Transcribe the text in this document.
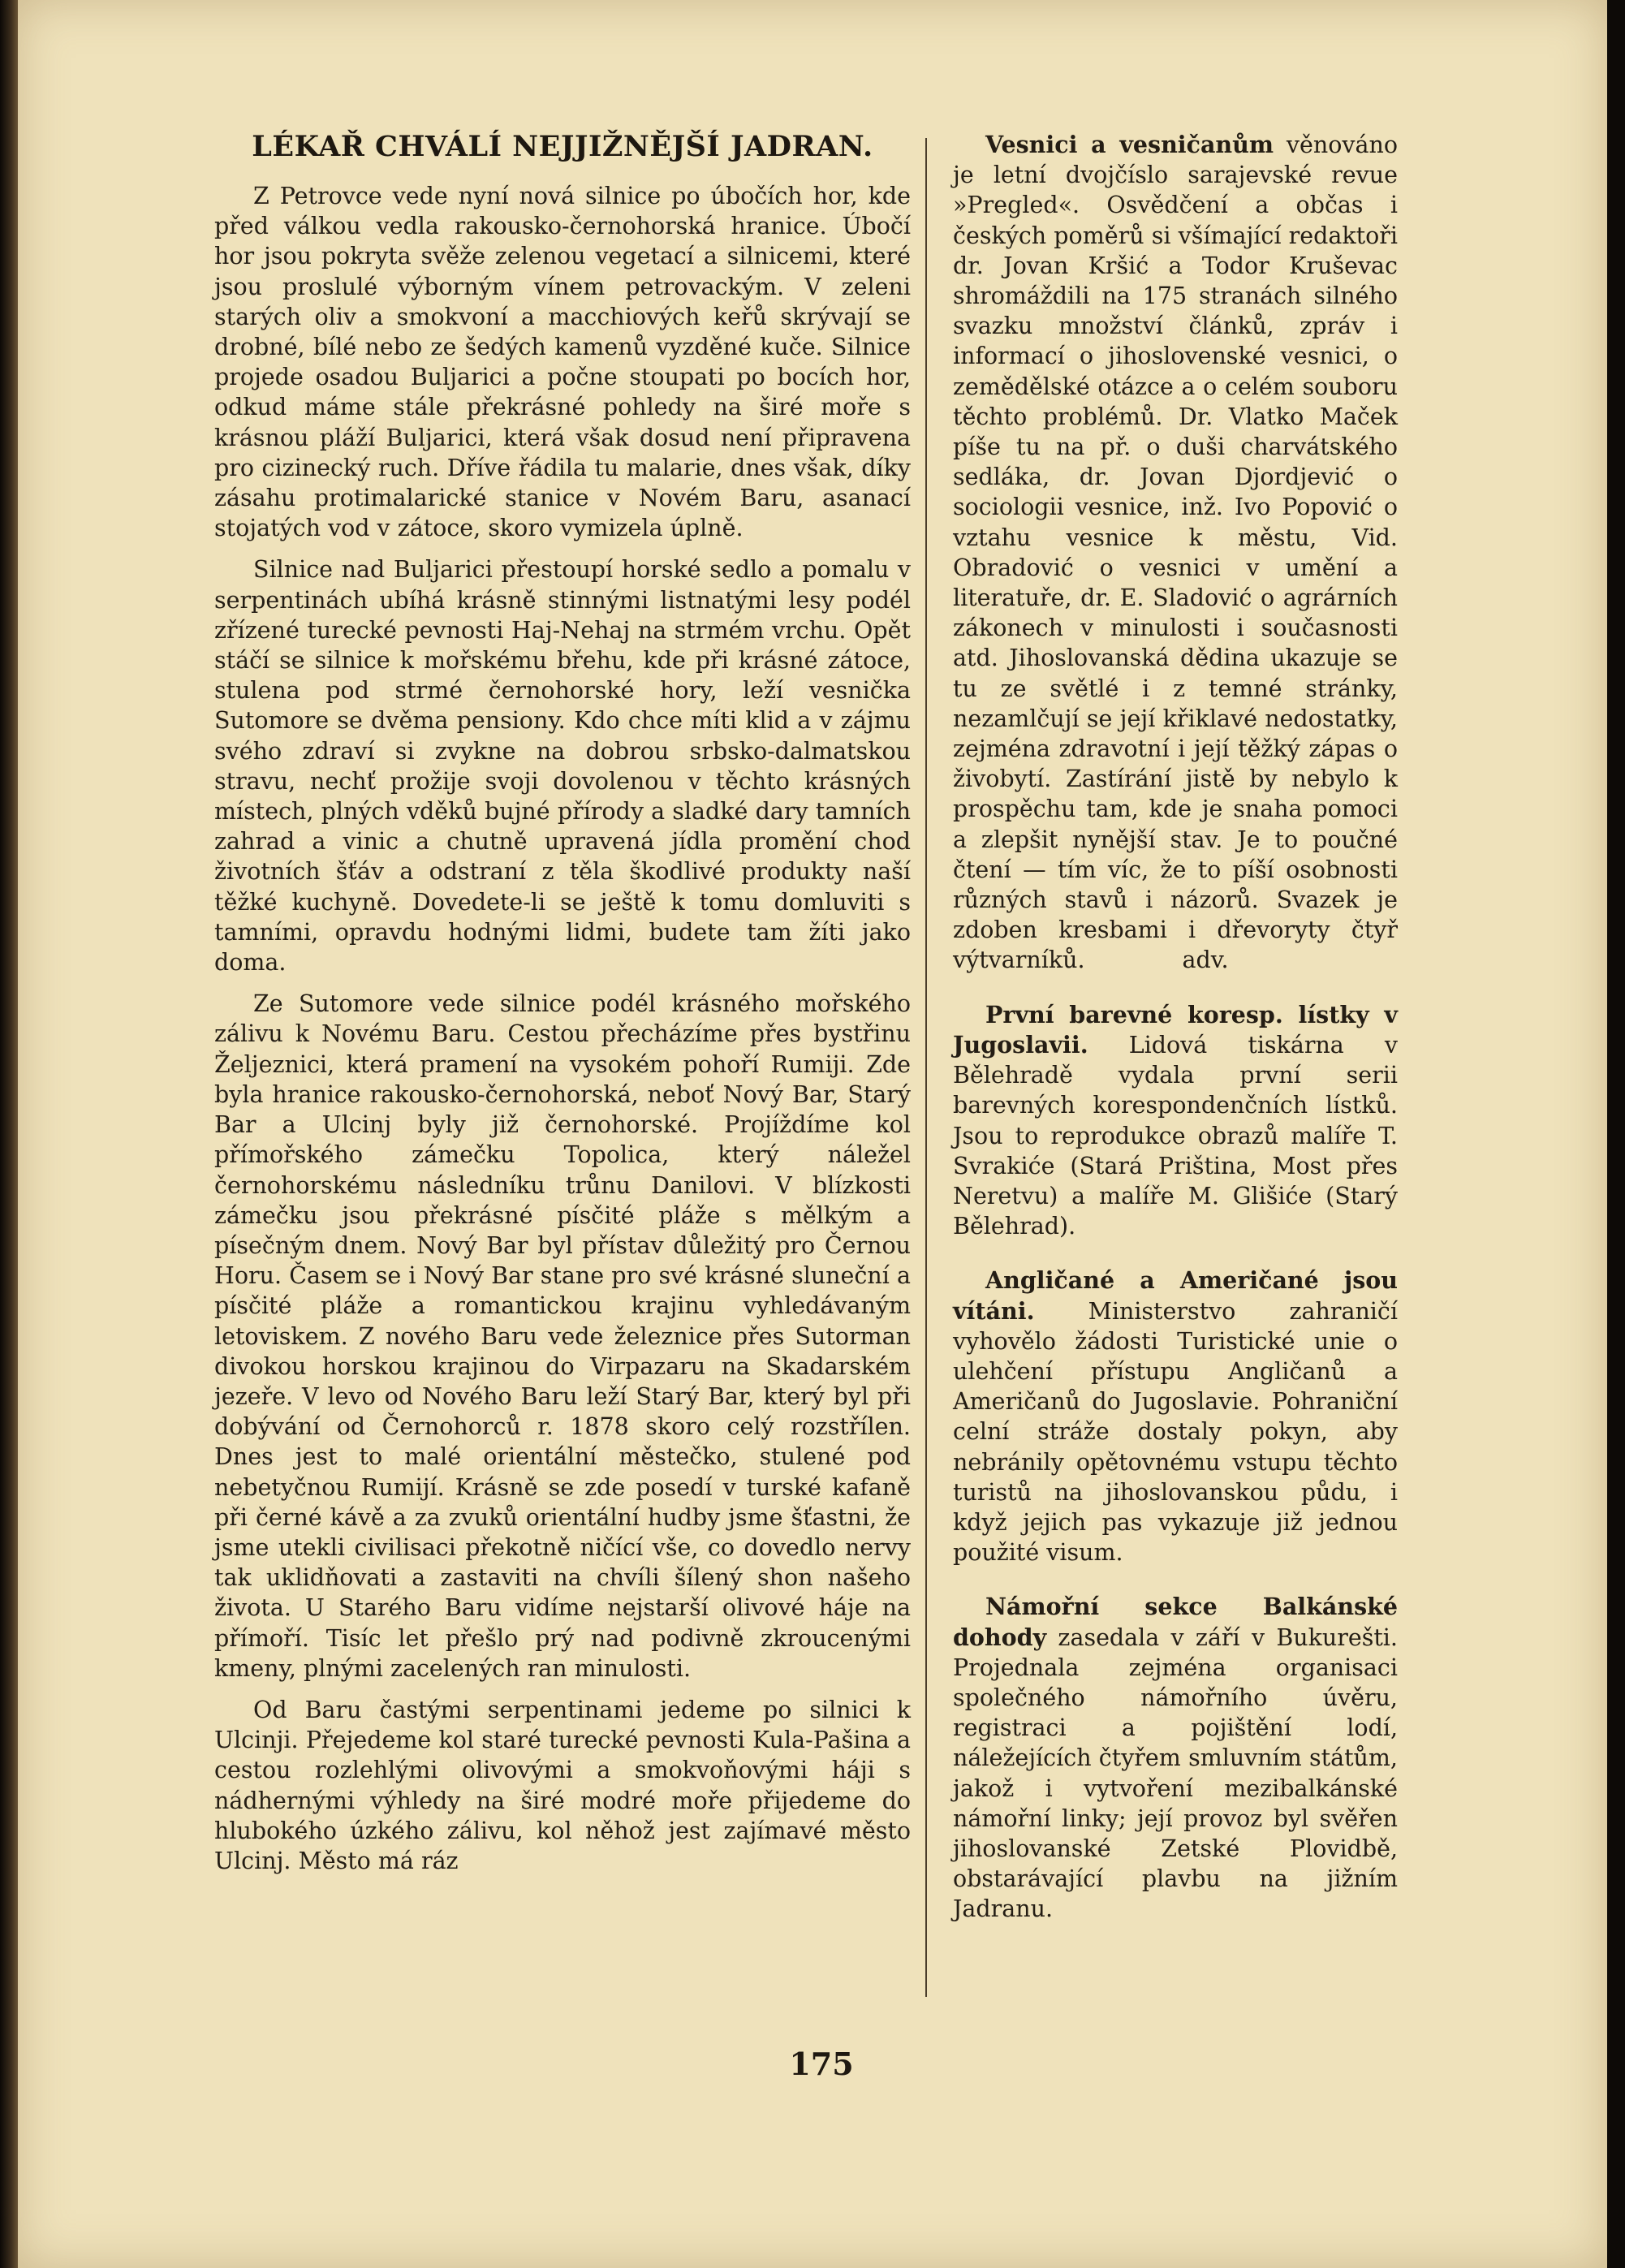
LÉKAŘ CHVÁLÍ NEJJIŽNĚJŠÍ JADRAN.

Z Petrovce vede nyní nová silnice po úbočích hor, kde před válkou vedla rakousko-černohorská hranice. Úbočí hor jsou pokryta svěže zelenou vegetací a silnicemi, které jsou proslulé výborným vínem petrovackým. V zeleni starých oliv a smokvoní a macchiových keřů skrývají se drobné, bílé nebo ze šedých kamenů vyzděné kuče. Silnice projede osadou Buljarici a počne stoupati po bocích hor, odkud máme stále překrásné pohledy na širé moře s krásnou pláží Buljarici, která však dosud není připravena pro cizinecký ruch. Dříve řádila tu malarie, dnes však, díky zásahu protimalarické stanice v Novém Baru, asanací stojatých vod v zátoce, skoro vymizela úplně.

Silnice nad Buljarici přestoupí horské sedlo a pomalu v serpentinách ubíhá krásně stinnými listnatými lesy podél zřízené turecké pevnosti Haj-Nehaj na strmém vrchu. Opět stáčí se silnice k mořskému břehu, kde při krásné zátoce, stulena pod strmé černohorské hory, leží vesnička Sutomore se dvěma pensiony. Kdo chce míti klid a v zájmu svého zdraví si zvykne na dobrou srbsko-dalmatskou stravu, nechť prožije svoji dovolenou v těchto krásných místech, plných vděků bujné přírody a sladké dary tamních zahrad a vinic a chutně upravená jídla promění chod životních šťáv a odstraní z těla škodlivé produkty naší těžké kuchyně. Dovedete-li se ještě k tomu domluviti s tamními, opravdu hodnými lidmi, budete tam žíti jako doma.

Ze Sutomore vede silnice podél krásného mořského zálivu k Novému Baru. Cestou přecházíme přes bystřinu Željeznici, která pramení na vysokém pohoří Rumiji. Zde byla hranice rakousko-černohorská, neboť Nový Bar, Starý Bar a Ulcinj byly již černohorské. Projíždíme kol přímořského zámečku Topolica, který náležel černohorskému následníku trůnu Danilovi. V blízkosti zámečku jsou překrásné písčité pláže s mělkým a písečným dnem. Nový Bar byl přístav důležitý pro Černou Horu. Časem se i Nový Bar stane pro své krásné sluneční a písčité pláže a romantickou krajinu vyhledávaným letoviskem. Z nového Baru vede železnice přes Sutorman divokou horskou krajinou do Virpazaru na Skadarském jezeře. V levo od Nového Baru leží Starý Bar, který byl při dobývání od Černohorců r. 1878 skoro celý rozstřílen. Dnes jest to malé orientální městečko, stulené pod nebetyčnou Rumijí. Krásně se zde posedí v turské kafaně při černé kávě a za zvuků orientální hudby jsme šťastni, že jsme utekli civilisaci překotně ničící vše, co dovedlo nervy tak uklidňovati a zastaviti na chvíli šílený shon našeho života. U Starého Baru vidíme nejstarší olivové háje na přímoří. Tisíc let přešlo prý nad podivně zkroucenými kmeny, plnými zacelených ran minulosti.

Od Baru častými serpentinami jedeme po silnici k Ulcinji. Přejedeme kol staré turecké pevnosti Kula-Pašina a cestou rozlehlými olivovými a smokvoňovými háji s nádhernými výhledy na širé modré moře přijedeme do hlubokého úzkého zálivu, kol něhož jest zajímavé město Ulcinj. Město má ráz

Vesnici a vesničanům věnováno je letní dvojčíslo sarajevské revue »Pregled«. Osvědčení a občas i českých poměrů si všímající redaktoři dr. Jovan Kršić a Todor Kruševac shromáždili na 175 stranách silného svazku množství článků, zpráv i informací o jihoslovenské vesnici, o zemědělské otázce a o celém souboru těchto problémů. Dr. Vlatko Maček píše tu na př. o duši charvátského sedláka, dr. Jovan Djordjević o sociologii vesnice, inž. Ivo Popović o vztahu vesnice k městu, Vid. Obradović o vesnici v umění a literatuře, dr. E. Sladović o agrárních zákonech v minulosti i současnosti atd. Jihoslovanská dědina ukazuje se tu ze světlé i z temné stránky, nezamlčují se její křiklavé nedostatky, zejména zdravotní i její těžký zápas o živobytí. Zastírání jistě by nebylo k prospěchu tam, kde je snaha pomoci a zlepšit nynější stav. Je to poučné čtení — tím víc, že to píší osobnosti různých stavů i názorů. Svazek je zdoben kresbami i dřevoryty čtyř výtvarníků.	adv.

První barevné koresp. lístky v Jugoslavii. Lidová tiskárna v Bělehradě vydala první serii barevných korespondenčních lístků. Jsou to reprodukce obrazů malíře T. Svrakiće (Stará Priština, Most přes Neretvu) a malíře M. Glišiće (Starý Bělehrad).

Angličané a Američané jsou vítáni. Ministerstvo zahraničí vyhovělo žádosti Turistické unie o ulehčení přístupu Angličanů a Američanů do Jugoslavie. Pohraniční celní stráže dostaly pokyn, aby nebránily opětovnému vstupu těchto turistů na jihoslovanskou půdu, i když jejich pas vykazuje již jednou použité visum.

Námořní sekce Balkánské dohody zasedala v září v Bukurešti. Projednala zejména organisaci společného námořního úvěru, registraci a pojištění lodí, náležejících čtyřem smluvním státům, jakož i vytvoření mezibalkánské námořní linky; její provoz byl svěřen jihoslovanské Zetské Plovidbě, obstarávající plavbu na jižním Jadranu.

175
